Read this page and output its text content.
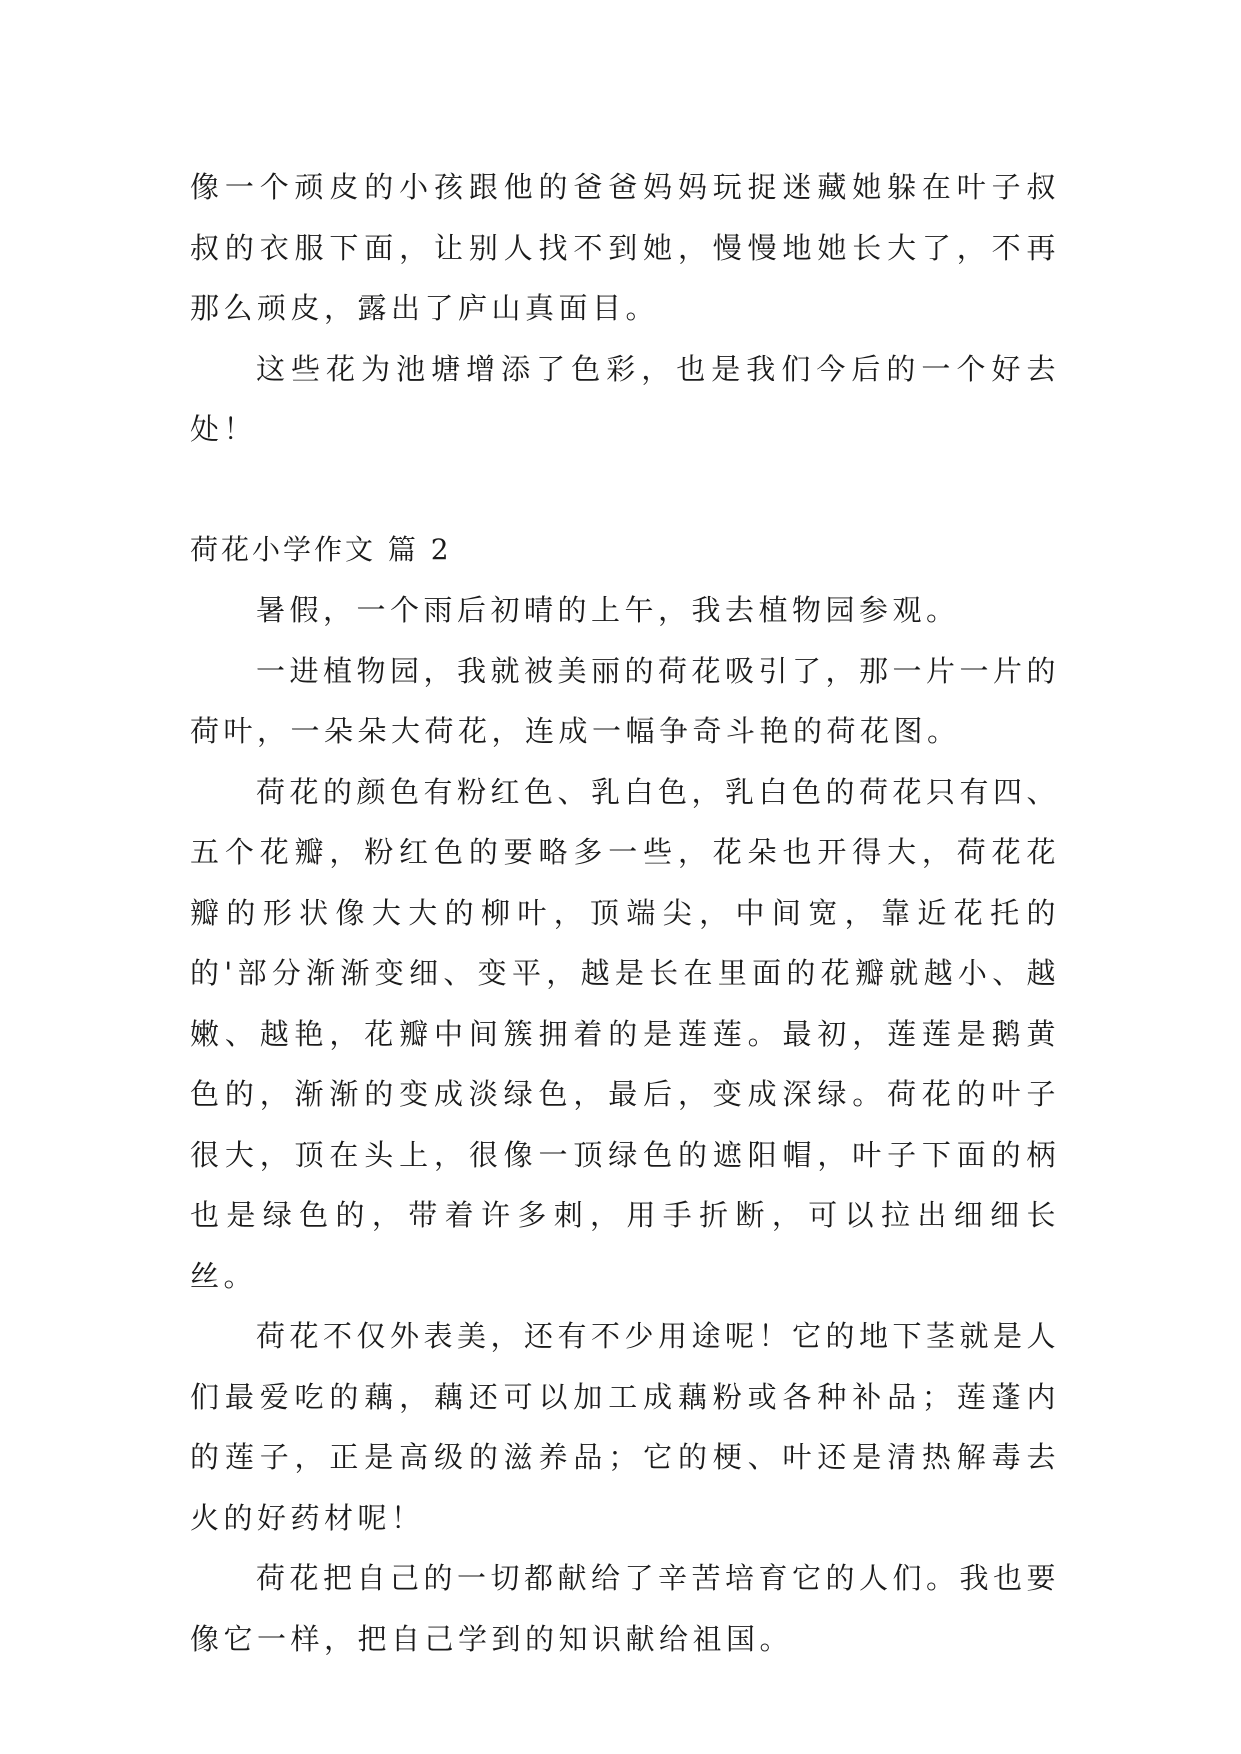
像一个顽皮的小孩跟他的爸爸妈妈玩捉迷藏她躲在叶子叔叔的衣服下面，让别人找不到她，慢慢地她长大了，不再那么顽皮，露出了庐山真面目。

这些花为池塘增添了色彩，也是我们今后的一个好去处！

荷花小学作文 篇 2

暑假，一个雨后初晴的上午，我去植物园参观。

一进植物园，我就被美丽的荷花吸引了，那一片一片的荷叶，一朵朵大荷花，连成一幅争奇斗艳的荷花图。

荷花的颜色有粉红色、乳白色，乳白色的荷花只有四、五个花瓣，粉红色的要略多一些，花朵也开得大，荷花花瓣的形状像大大的柳叶，顶端尖，中间宽，靠近花托的的'部分渐渐变细、变平，越是长在里面的花瓣就越小、越嫩、越艳，花瓣中间簇拥着的是莲莲。最初，莲莲是鹅黄色的，渐渐的变成淡绿色，最后，变成深绿。荷花的叶子很大，顶在头上，很像一顶绿色的遮阳帽，叶子下面的柄也是绿色的，带着许多刺，用手折断，可以拉出细细长丝。

荷花不仅外表美，还有不少用途呢！它的地下茎就是人们最爱吃的藕，藕还可以加工成藕粉或各种补品；莲蓬内的莲子，正是高级的滋养品；它的梗、叶还是清热解毒去火的好药材呢！

荷花把自己的一切都献给了辛苦培育它的人们。我也要像它一样，把自己学到的知识献给祖国。
